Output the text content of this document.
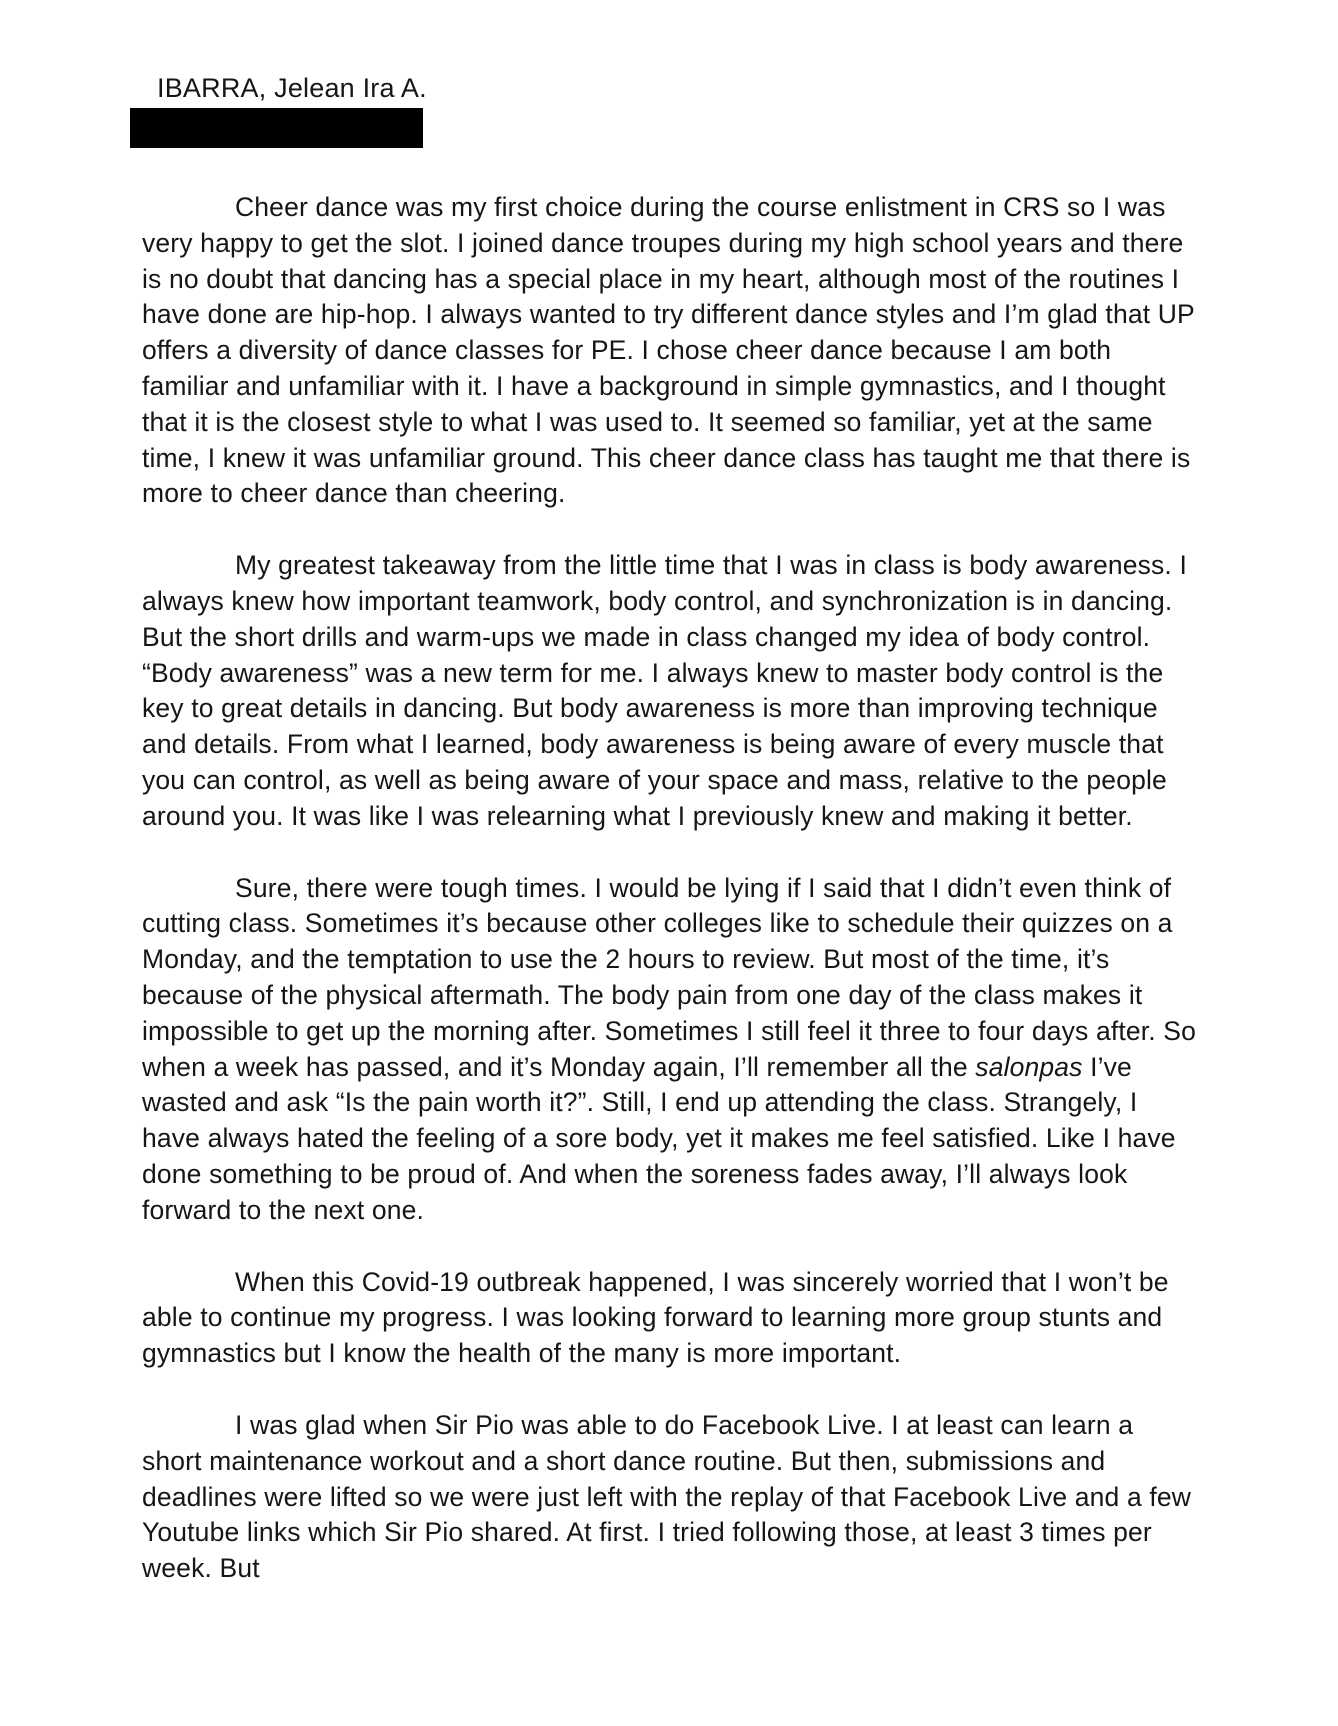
IBARRA, Jelean Ira A.

Cheer dance was my first choice during the course enlistment in CRS so I was very happy to get the slot. I joined dance troupes during my high school years and there is no doubt that dancing has a special place in my heart, although most of the routines I have done are hip-hop. I always wanted to try different dance styles and I’m glad that UP offers a diversity of dance classes for PE. I chose cheer dance because I am both familiar and unfamiliar with it. I have a background in simple gymnastics, and I thought that it is the closest style to what I was used to. It seemed so familiar, yet at the same time, I knew it was unfamiliar ground. This cheer dance class has taught me that there is more to cheer dance than cheering.

My greatest takeaway from the little time that I was in class is body awareness. I always knew how important teamwork, body control, and synchronization is in dancing. But the short drills and warm-ups we made in class changed my idea of body control. “Body awareness” was a new term for me. I always knew to master body control is the key to great details in dancing. But body awareness is more than improving technique and details. From what I learned, body awareness is being aware of every muscle that you can control, as well as being aware of your space and mass, relative to the people around you. It was like I was relearning what I previously knew and making it better.

Sure, there were tough times. I would be lying if I said that I didn’t even think of cutting class. Sometimes it’s because other colleges like to schedule their quizzes on a Monday, and the temptation to use the 2 hours to review. But most of the time, it’s because of the physical aftermath. The body pain from one day of the class makes it impossible to get up the morning after. Sometimes I still feel it three to four days after. So when a week has passed, and it’s Monday again, I’ll remember all the salonpas I’ve wasted and ask “Is the pain worth it?”. Still, I end up attending the class. Strangely, I have always hated the feeling of a sore body, yet it makes me feel satisfied. Like I have done something to be proud of. And when the soreness fades away, I’ll always look forward to the next one.

When this Covid-19 outbreak happened, I was sincerely worried that I won’t be able to continue my progress. I was looking forward to learning more group stunts and gymnastics but I know the health of the many is more important.

I was glad when Sir Pio was able to do Facebook Live. I at least can learn a short maintenance workout and a short dance routine. But then, submissions and deadlines were lifted so we were just left with the replay of that Facebook Live and a few Youtube links which Sir Pio shared. At first. I tried following those, at least 3 times per week. But
